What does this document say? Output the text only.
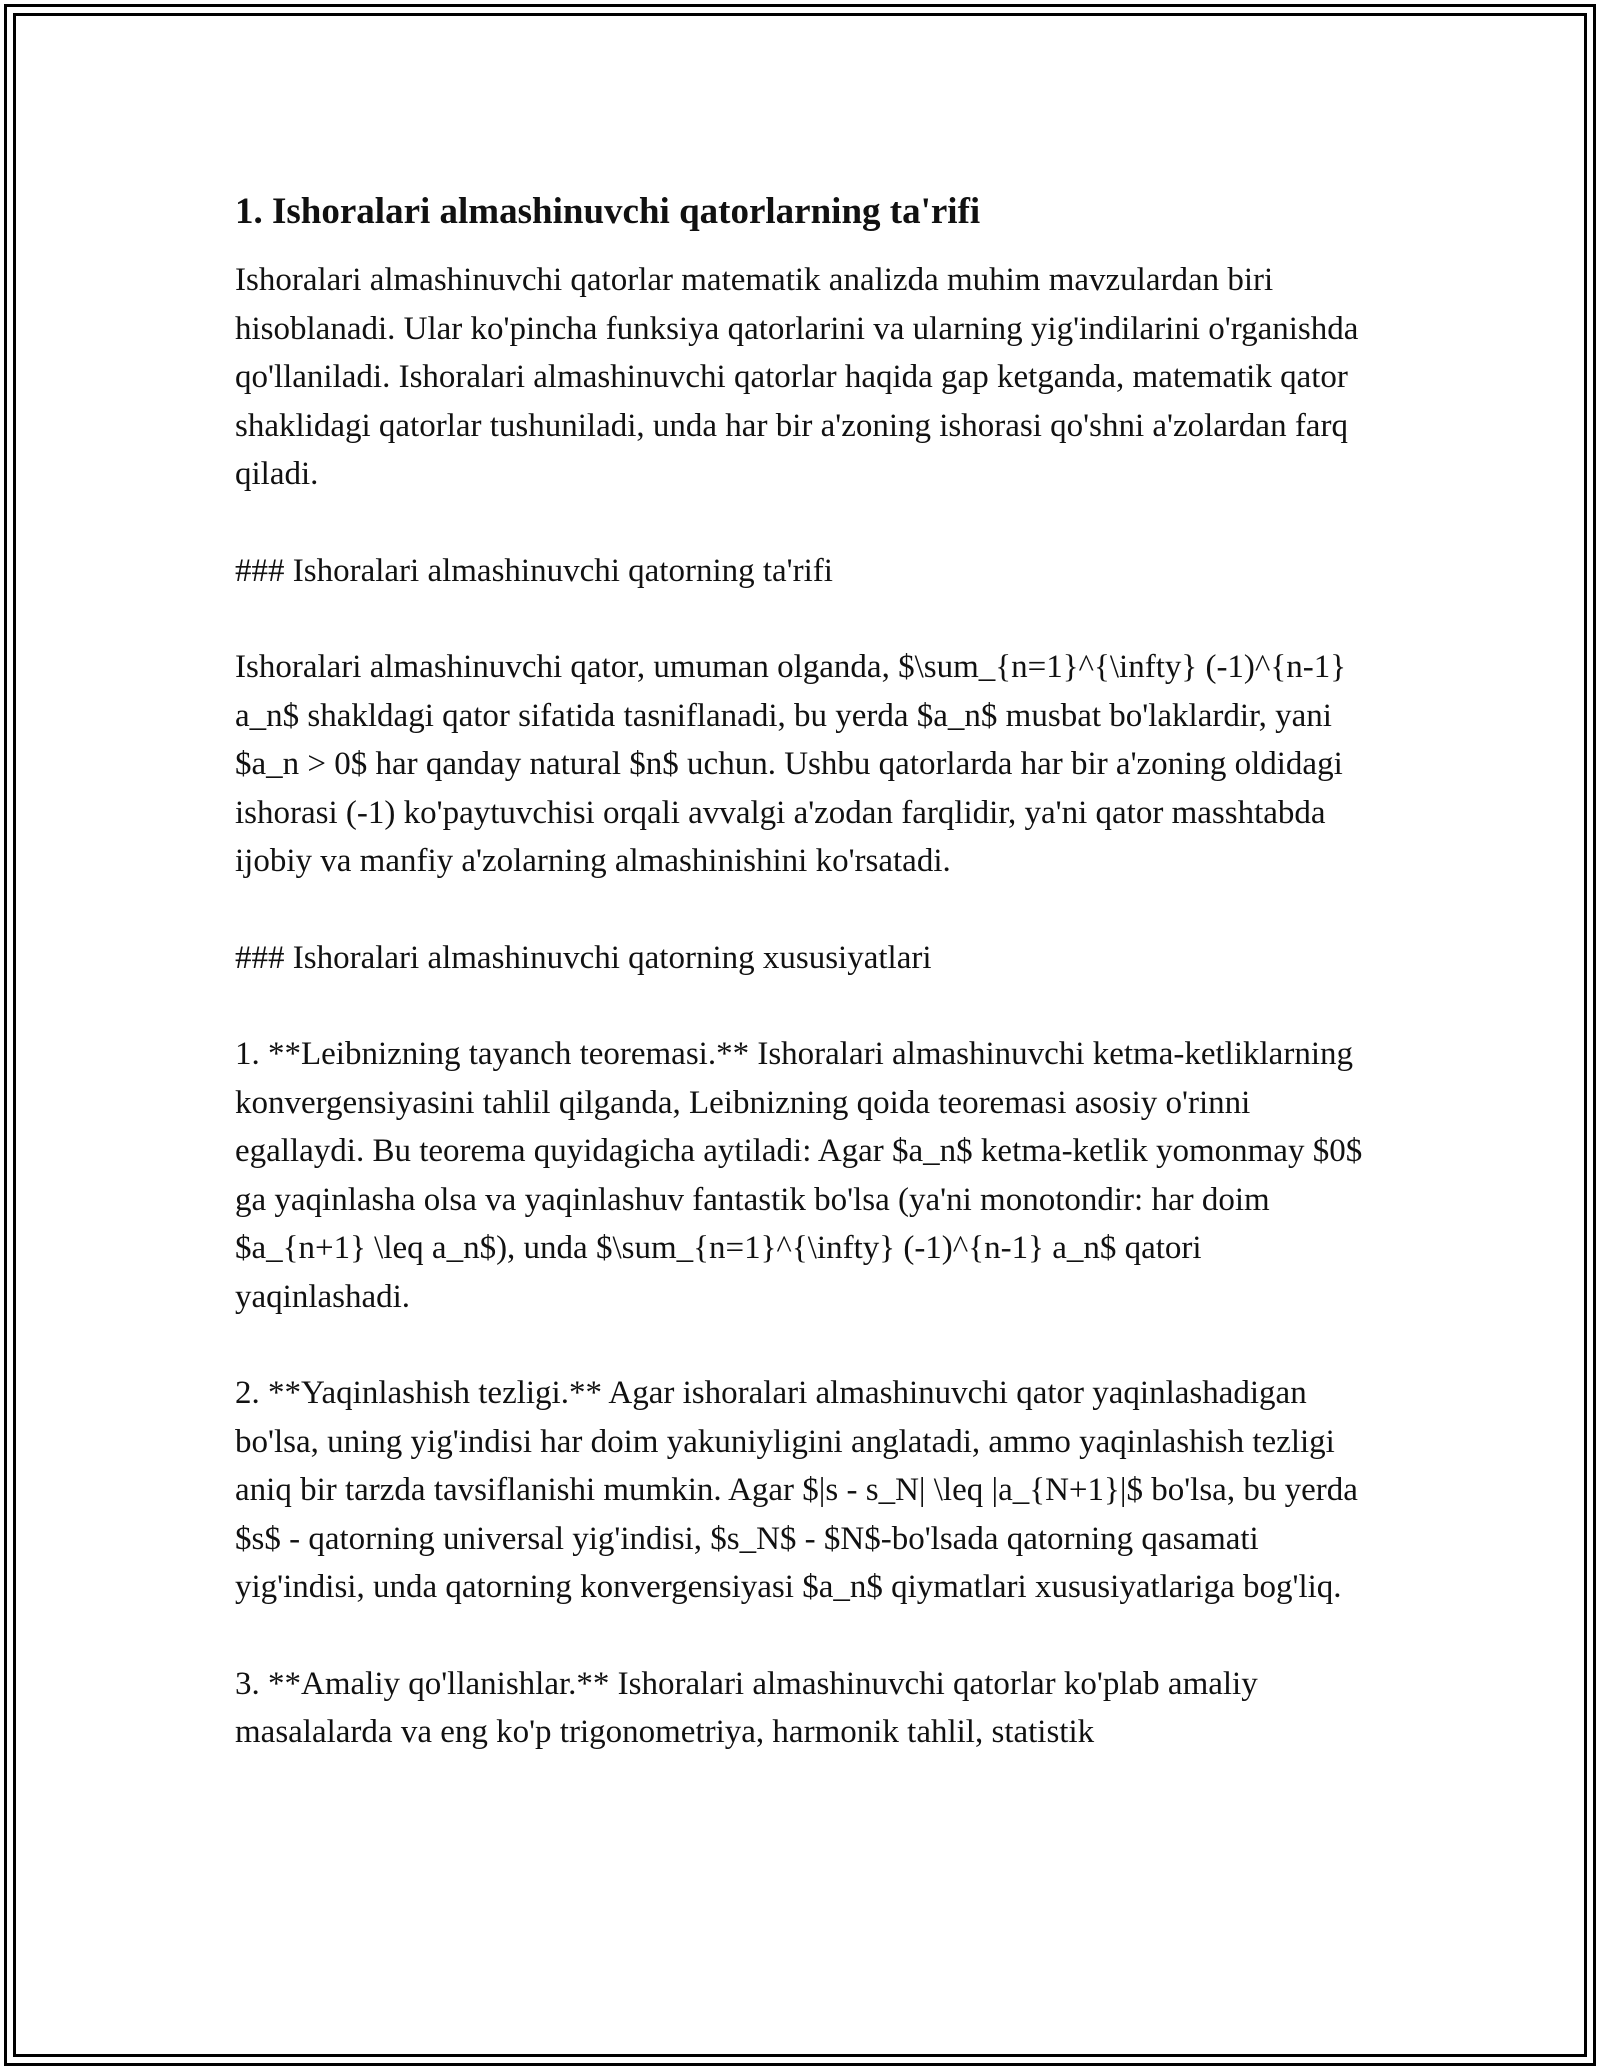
1. Ishoralari almashinuvchi qatorlarning ta'rifi

Ishoralari almashinuvchi qatorlar matematik analizda muhim mavzulardan biri hisoblanadi. Ular ko'pincha funksiya qatorlarini va ularning yig'indilarini o'rganishda qo'llaniladi. Ishoralari almashinuvchi qatorlar haqida gap ketganda, matematik qator shaklidagi qatorlar tushuniladi, unda har bir a'zoning ishorasi qo'shni a'zolardan farq qiladi.

### Ishoralari almashinuvchi qatorning ta'rifi

Ishoralari almashinuvchi qator, umuman olganda, $\sum_{n=1}^{\infty} (-1)^{n-1} a_n$ shakldagi qator sifatida tasniflanadi, bu yerda $a_n$ musbat bo'laklardir, yani $a_n > 0$ har qanday natural $n$ uchun. Ushbu qatorlarda har bir a'zoning oldidagi ishorasi (-1) ko'paytuvchisi orqali avvalgi a'zodan farqlidir, ya'ni qator masshtabda ijobiy va manfiy a'zolarning almashinishini ko'rsatadi.

### Ishoralari almashinuvchi qatorning xususiyatlari

1. **Leibnizning tayanch teoremasi.** Ishoralari almashinuvchi ketma-ketliklarning konvergensiyasini tahlil qilganda, Leibnizning qoida teoremasi asosiy o'rinni egallaydi. Bu teorema quyidagicha aytiladi: Agar $a_n$ ketma-ketlik yomonmay $0$ ga yaqinlasha olsa va yaqinlashuv fantastik bo'lsa (ya'ni monotondir: har doim $a_{n+1} \leq a_n$), unda $\sum_{n=1}^{\infty} (-1)^{n-1} a_n$ qatori yaqinlashadi.

2. **Yaqinlashish tezligi.** Agar ishoralari almashinuvchi qator yaqinlashadigan bo'lsa, uning yig'indisi har doim yakuniyligini anglatadi, ammo yaqinlashish tezligi aniq bir tarzda tavsiflanishi mumkin. Agar $|s - s_N| \leq |a_{N+1}|$ bo'lsa, bu yerda $s$ - qatorning universal yig'indisi, $s_N$ - $N$-bo'lsada qatorning qasamati yig'indisi, unda qatorning konvergensiyasi $a_n$ qiymatlari xususiyatlariga bog'liq.

3. **Amaliy qo'llanishlar.** Ishoralari almashinuvchi qatorlar ko'plab amaliy masalalarda va eng ko'p trigonometriya, harmonik tahlil, statistik
